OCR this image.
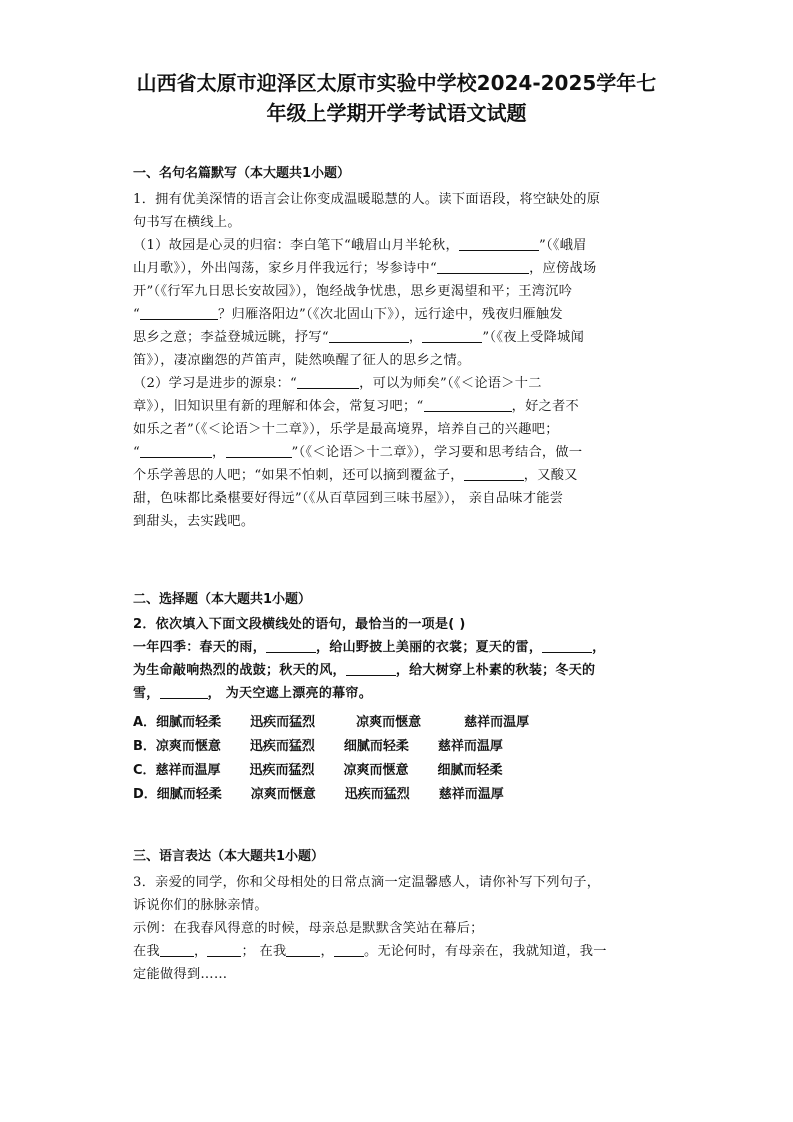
山西省太原市迎泽区太原市实验中学校2024-2025学年七
年级上学期开学考试语文试题
一、名句名篇默写（本大题共1小题）
1．拥有优美深情的语言会让你变成温暖聪慧的人。读下面语段，将空缺处的原
句书写在横线上。
（1）故园是心灵的归宿：李白笔下“峨眉山月半轮秋，	”（《峨眉
山月歌》），外出闯荡，家乡月伴我远行；岑参诗中“	，应傍战场
开”（《行军九日思长安故园》），饱经战争忧患，思乡更渴望和平；王湾沉吟
“	？归雁洛阳边”（《次北固山下》），远行途中，残夜归雁触发
思乡之意；李益登城远眺，抒写“	，	”（《夜上受降城闻
笛》），凄凉幽怨的芦笛声，陡然唤醒了征人的思乡之情。
（2）学习是进步的源泉：“	，可以为师矣”（《＜论语＞十二
章》），旧知识里有新的理解和体会，常复习吧；“	，好之者不
如乐之者”（《＜论语＞十二章》），乐学是最高境界，培养自己的兴趣吧；
“	，	”（《＜论语＞十二章》），学习要和思考结合，做一
个乐学善思的人吧；“如果不怕刺，还可以摘到覆盆子，	，又酸又
甜，色味都比桑椹要好得远”（《从百草园到三味书屋》）， 亲自品味才能尝
到甜头，去实践吧。
二、选择题（本大题共1小题）
2．依次填入下面文段横线处的语句，最恰当的一项是( )
一年四季：春天的雨，	，给山野披上美丽的衣裳；夏天的雷，	，
为生命敲响热烈的战鼓；秋天的风，	，给大树穿上朴素的秋装；冬天的
雪，	， 为天空遮上漂亮的幕帘。
A．细腻而轻柔 迅疾而猛烈	凉爽而惬意	慈祥而温厚
B．凉爽而惬意 迅疾而猛烈 细腻而轻柔 慈祥而温厚
C．慈祥而温厚 迅疾而猛烈 凉爽而惬意 细腻而轻柔
D．细腻而轻柔 凉爽而惬意 迅疾而猛烈 慈祥而温厚
三、语言表达（本大题共1小题）
3．亲爱的同学，你和父母相处的日常点滴一定温馨感人，请你补写下列句子，
诉说你们的脉脉亲情。
示例：在我春风得意的时候，母亲总是默默含笑站在幕后；
在我	，	； 在我	， 。无论何时，有母亲在，我就知道，我一
定能做得到……
